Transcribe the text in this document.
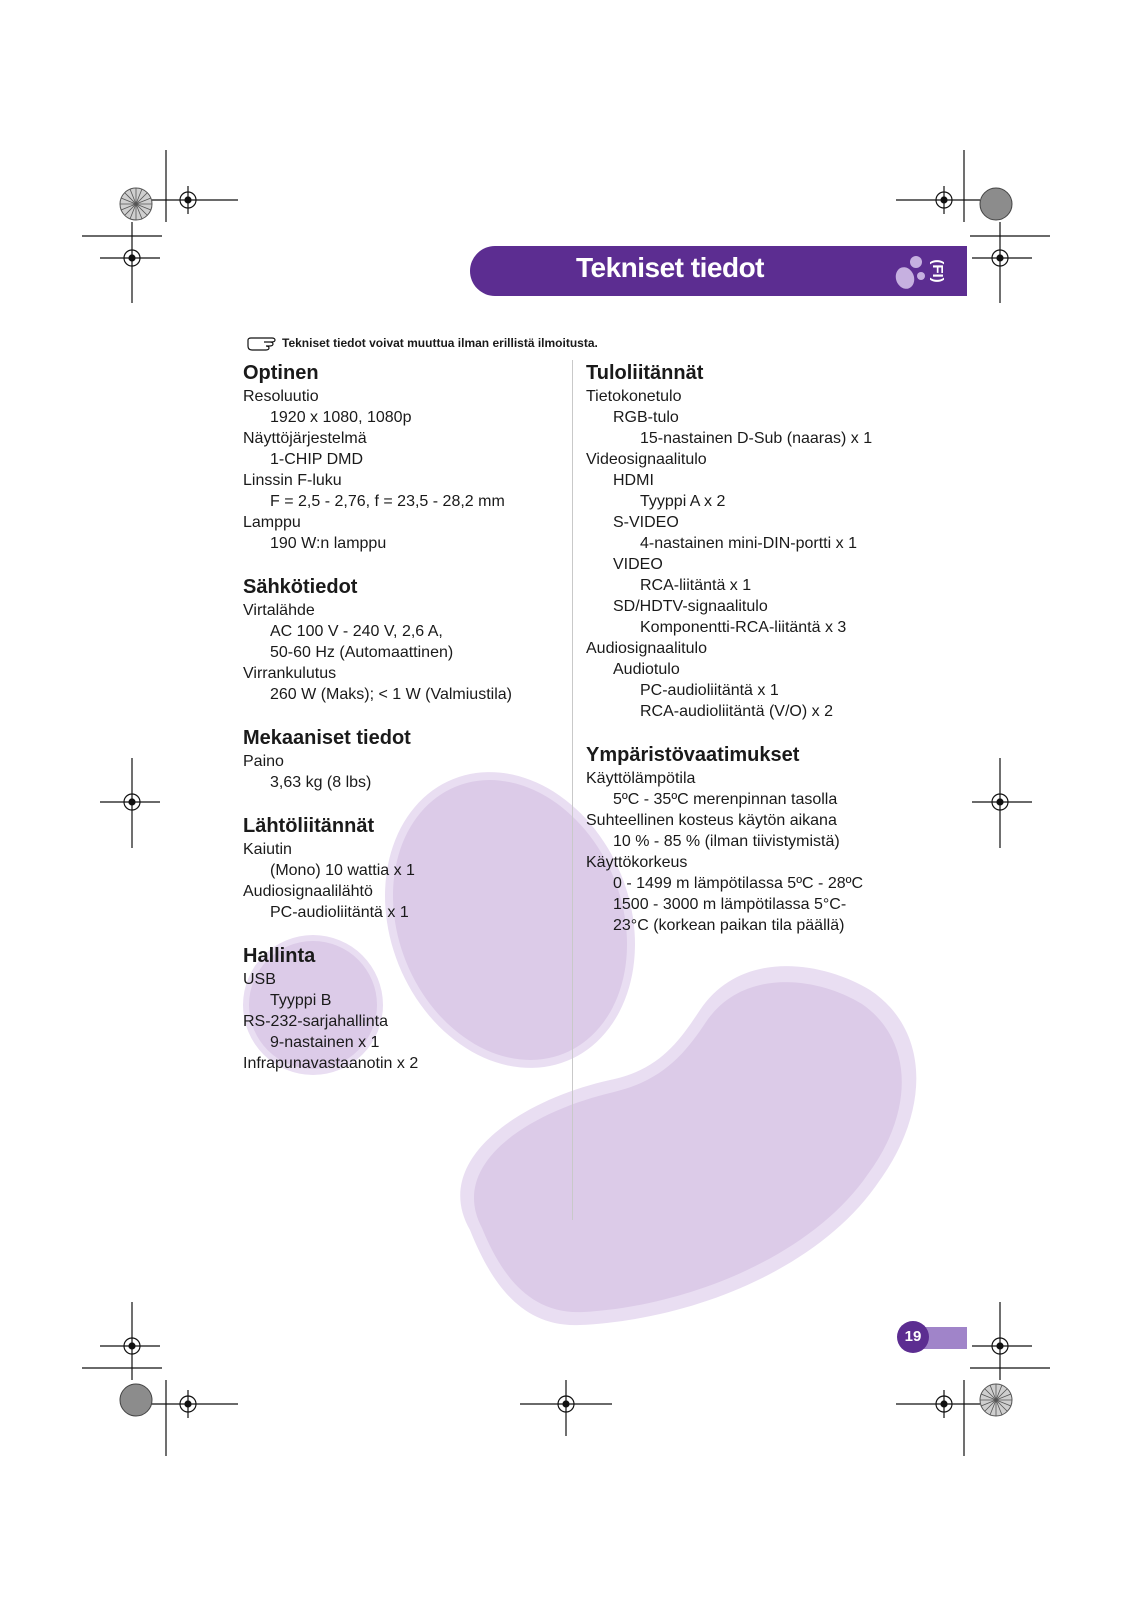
Tekniset tiedot	(FI)
Tekniset tiedot voivat muuttua ilman erillistä ilmoitusta.
Optinen
Resoluutio
1920 x 1080, 1080p
Näyttöjärjestelmä
1-CHIP DMD
Linssin F-luku
F = 2,5 - 2,76, f = 23,5 - 28,2 mm
Lamppu
190 W:n lamppu
Sähkötiedot
Virtalähde
AC 100 V - 240 V, 2,6 A,
50-60 Hz (Automaattinen)
Virrankulutus
260 W (Maks); < 1 W (Valmiustila)
Mekaaniset tiedot
Paino
3,63 kg (8 lbs)
Lähtöliitännät
Kaiutin
(Mono) 10 wattia x 1
Audiosignaalilähtö
PC-audioliitäntä x 1
Hallinta
USB
Tyyppi B
RS-232-sarjahallinta
9-nastainen x 1
Infrapunavastaanotin x 2
Tuloliitännät
Tietokonetulo
RGB-tulo
15-nastainen D-Sub (naaras) x 1
Videosignaalitulo
HDMI
Tyyppi A x 2
S-VIDEO
4-nastainen mini-DIN-portti x 1
VIDEO
RCA-liitäntä x 1
SD/HDTV-signaalitulo
Komponentti-RCA-liitäntä x 3
Audiosignaalitulo
Audiotulo
PC-audioliitäntä x 1
RCA-audioliitäntä (V/O) x 2
Ympäristövaatimukset
Käyttölämpötila
5ºC - 35ºC merenpinnan tasolla
Suhteellinen kosteus käytön aikana
10 % - 85 % (ilman tiivistymistä)
Käyttökorkeus
0 - 1499 m lämpötilassa 5ºC - 28ºC
1500 - 3000 m lämpötilassa 5°C-
23°C (korkean paikan tila päällä)
19
